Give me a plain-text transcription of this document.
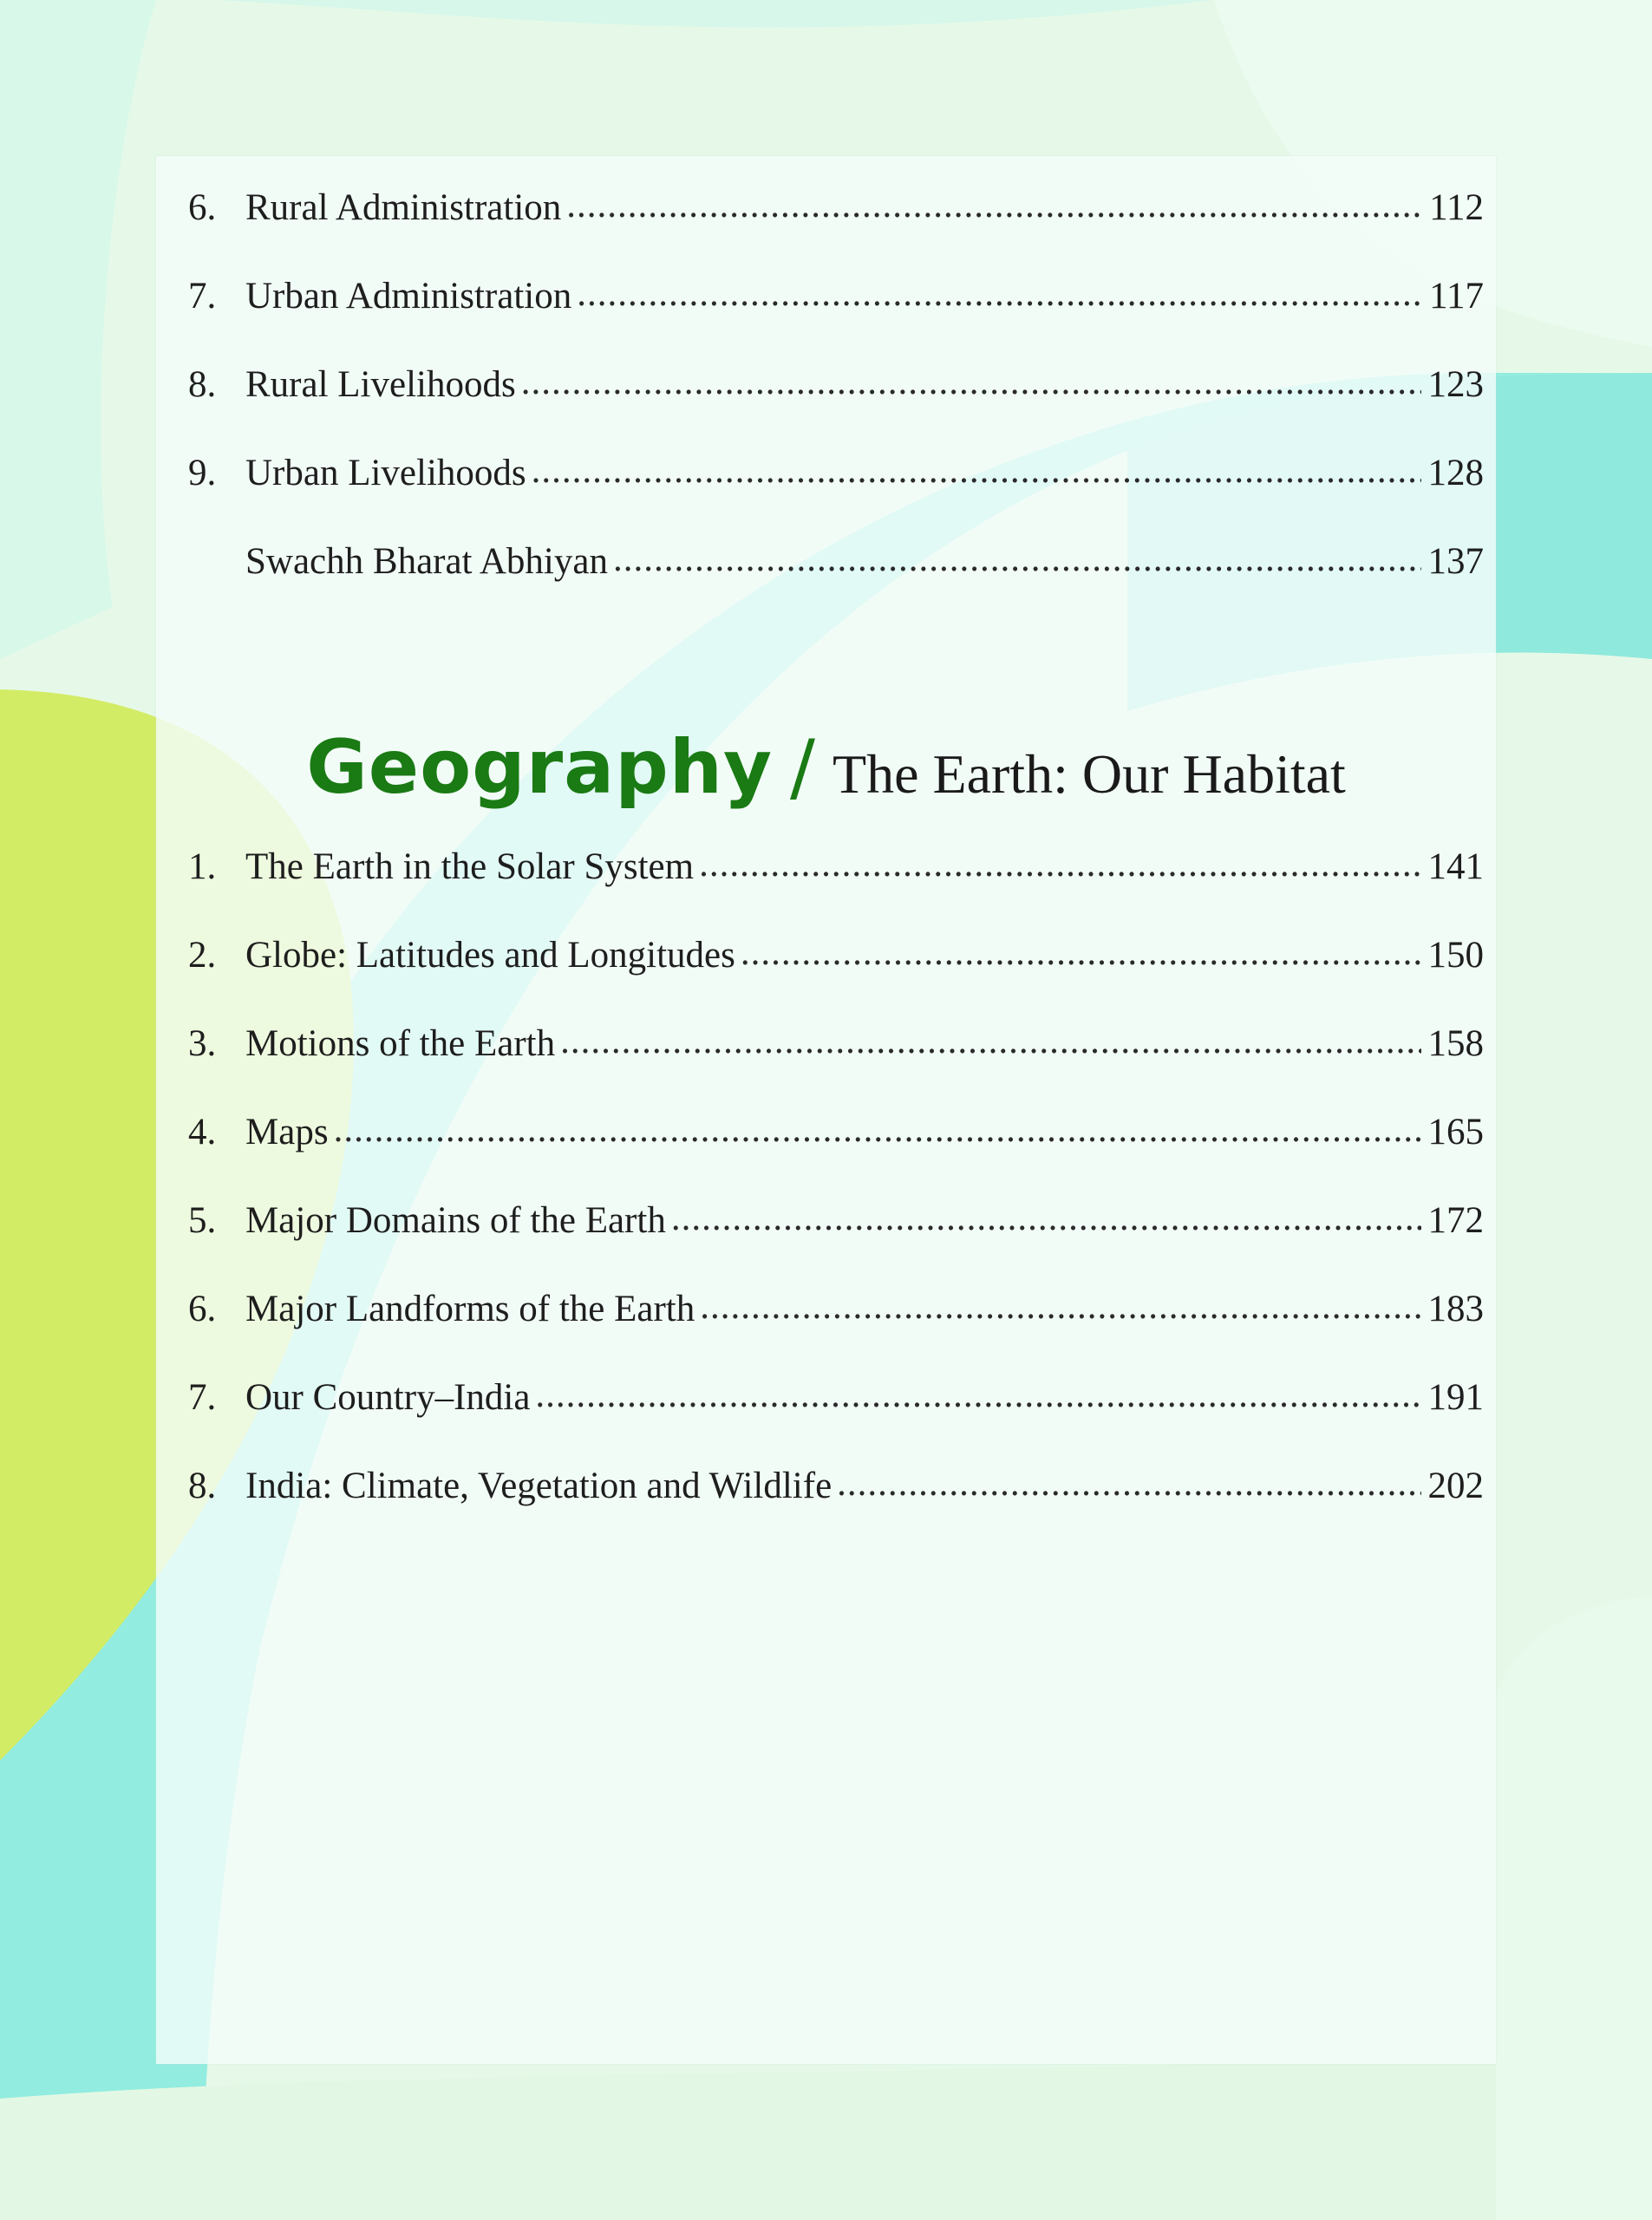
6. Rural Administration .....	112
7. Urban Administration .....	117
8. Rural Livelihoods .....	123
9. Urban Livelihoods .....	128
Swachh Bharat Abhiyan .....	137
Geography / The Earth: Our Habitat
1. The Earth in the Solar System .....	141
2. Globe: Latitudes and Longitudes .....	150
3. Motions of the Earth .....	158
4. Maps .....	165
5. Major Domains of the Earth .....	172
6. Major Landforms of the Earth .....	183
7. Our Country–India .....	191
8. India: Climate, Vegetation and Wildlife .....	202
